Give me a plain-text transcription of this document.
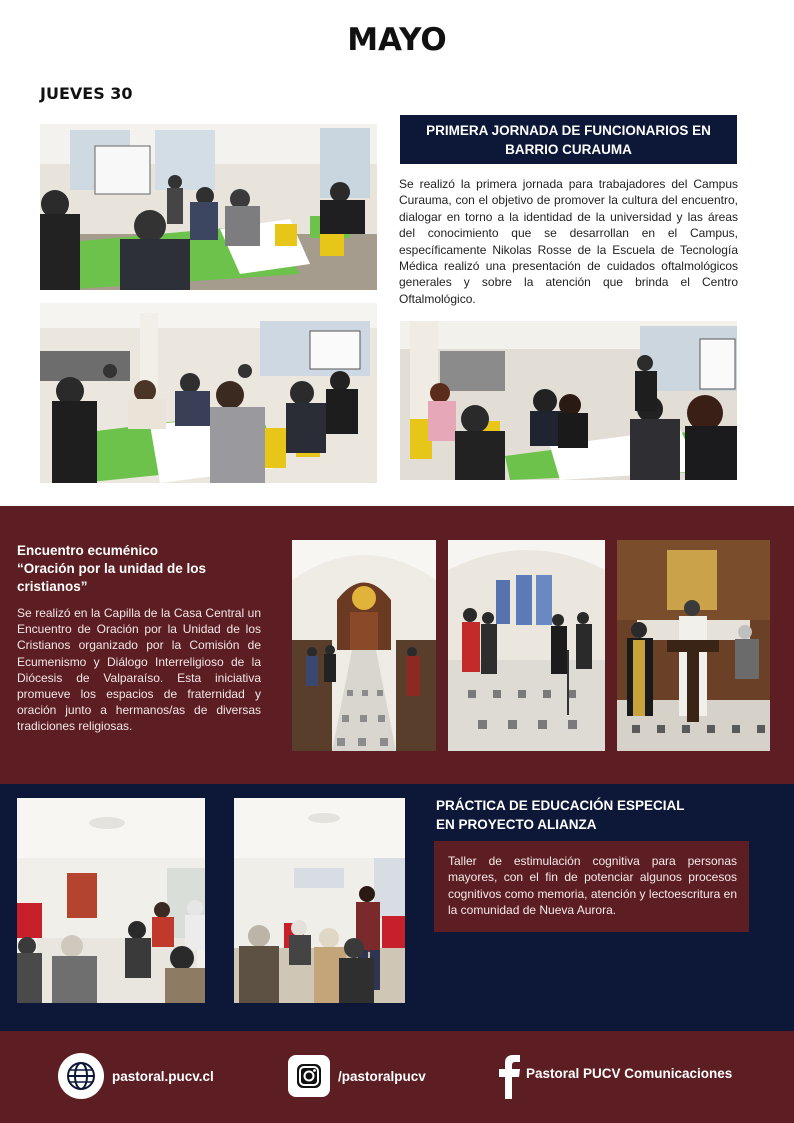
MAYO
JUEVES 30
PRIMERA JORNADA DE FUNCIONARIOS EN
BARRIO CURAUMA
Se realizó la primera jornada para trabajadores del Campus Curauma, con el objetivo de promover la cultura del encuentro, dialogar en torno a la identidad de la universidad y las áreas del conocimiento que se desarrollan en el Campus, específicamente Nikolas Rosse de la Escuela de Tecnología Médica realizó una presentación de cuidados oftalmológicos generales y sobre la atención que brinda el Centro Oftalmológico.
Encuentro ecuménico
“Oración por la unidad de los cristianos”
Se realizó en la Capilla de la Casa Central un Encuentro de Oración por la Unidad de los Cristianos organizado por la Comisión de Ecumenismo y Diálogo Interreligioso de la Diócesis de Valparaíso. Esta iniciativa promueve los espacios de fraternidad y oración junto a hermanos/as de diversas tradiciones religiosas.
PRÁCTICA DE EDUCACIÓN ESPECIAL
EN PROYECTO ALIANZA
Taller de estimulación cognitiva para personas mayores, con el fin de potenciar algunos procesos cognitivos como memoria, atención y lectoescritura en la comunidad de Nueva Aurora.
pastoral.pucv.cl	/pastoralpucv	Pastoral PUCV Comunicaciones
